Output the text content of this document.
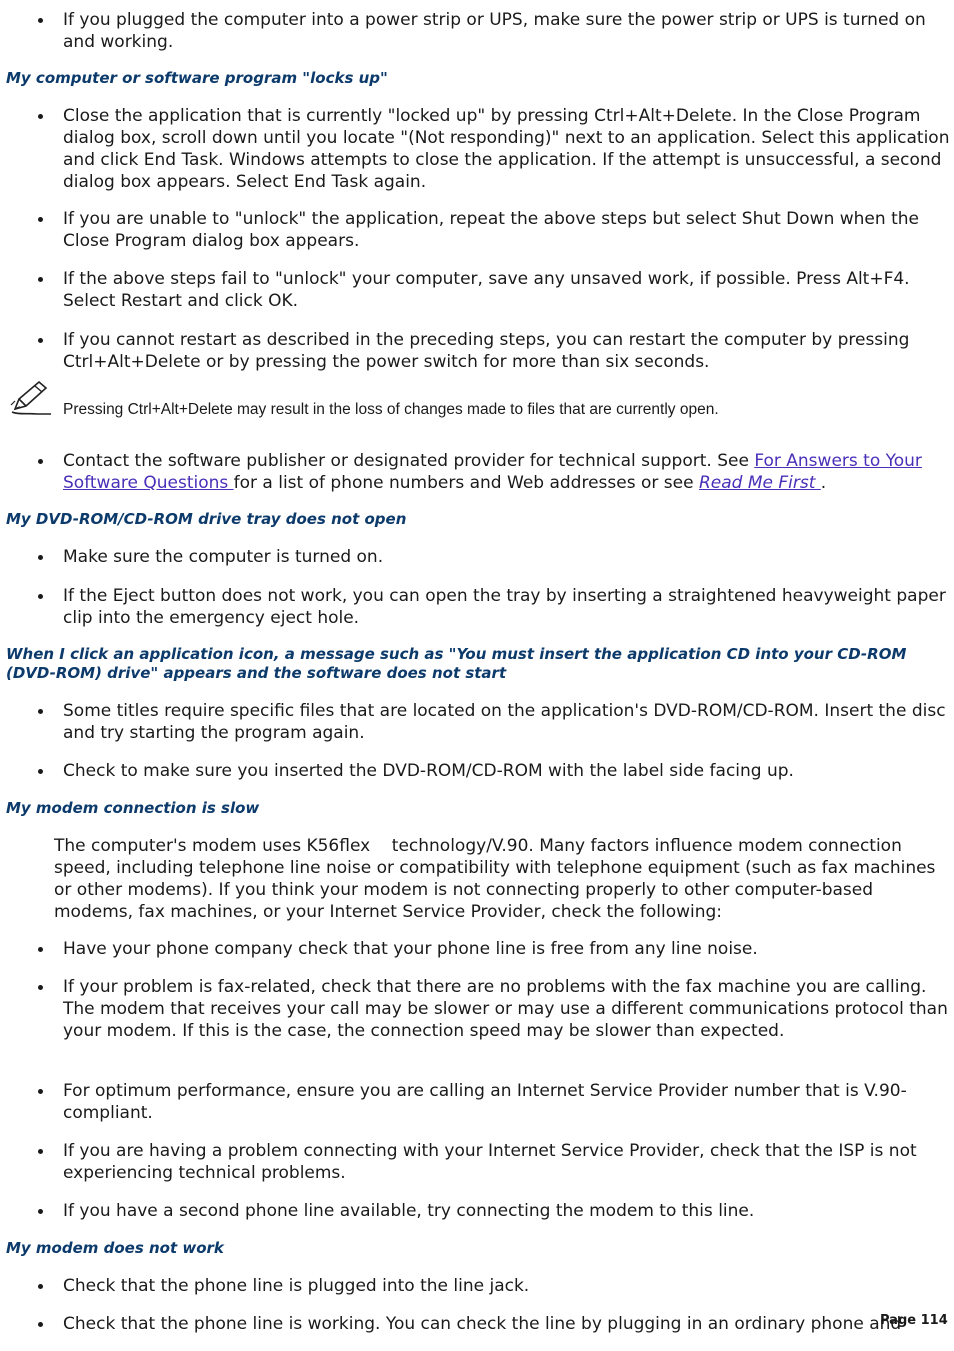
If you plugged the computer into a power strip or UPS, make sure the power strip or UPS is turned on and working.
My computer or software program "locks up"
Close the application that is currently "locked up" by pressing Ctrl+Alt+Delete. In the Close Program dialog box, scroll down until you locate "(Not responding)" next to an application. Select this application and click End Task. Windows attempts to close the application. If the attempt is unsuccessful, a second dialog box appears. Select End Task again.
If you are unable to "unlock" the application, repeat the above steps but select Shut Down when the Close Program dialog box appears.
If the above steps fail to "unlock" your computer, save any unsaved work, if possible. Press Alt+F4. Select Restart and click OK.
If you cannot restart as described in the preceding steps, you can restart the computer by pressing Ctrl+Alt+Delete or by pressing the power switch for more than six seconds.
Pressing Ctrl+Alt+Delete may result in the loss of changes made to files that are currently open.
Contact the software publisher or designated provider for technical support. See For Answers to Your Software Questions for a list of phone numbers and Web addresses or see Read Me First .
My DVD-ROM/CD-ROM drive tray does not open
Make sure the computer is turned on.
If the Eject button does not work, you can open the tray by inserting a straightened heavyweight paper clip into the emergency eject hole.
When I click an application icon, a message such as "You must insert the application CD into your CD-ROM (DVD-ROM) drive" appears and the software does not start
Some titles require specific files that are located on the application's DVD-ROM/CD-ROM. Insert the disc and try starting the program again.
Check to make sure you inserted the DVD-ROM/CD-ROM with the label side facing up.
My modem connection is slow

The computer's modem uses K56flex    technology/V.90. Many factors influence modem connection speed, including telephone line noise or compatibility with telephone equipment (such as fax machines or other modems). If you think your modem is not connecting properly to other computer-based modems, fax machines, or your Internet Service Provider, check the following:

Have your phone company check that your phone line is free from any line noise.
If your problem is fax-related, check that there are no problems with the fax machine you are calling. The modem that receives your call may be slower or may use a different communications protocol than your modem. If this is the case, the connection speed may be slower than expected.
For optimum performance, ensure you are calling an Internet Service Provider number that is V.90-compliant.
If you are having a problem connecting with your Internet Service Provider, check that the ISP is not experiencing technical problems.
If you have a second phone line available, try connecting the modem to this line.
My modem does not work
Check that the phone line is plugged into the line jack.
Check that the phone line is working. You can check the line by plugging in an ordinary phone and
Page 114
